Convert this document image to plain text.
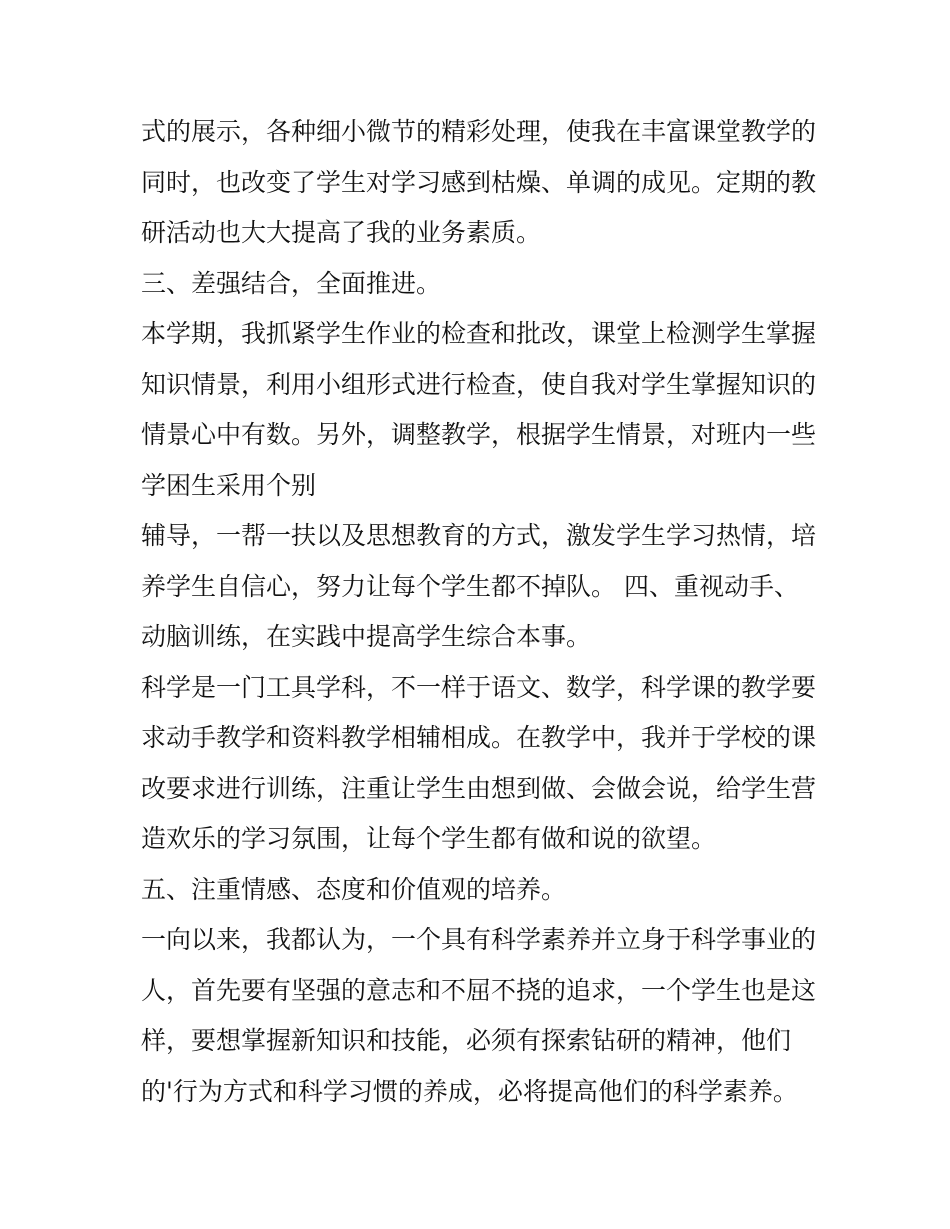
式的展示，各种细小微节的精彩处理，使我在丰富课堂教学的
同时，也改变了学生对学习感到枯燥、单调的成见。定期的教
研活动也大大提高了我的业务素质。
三、差强结合，全面推进。
本学期，我抓紧学生作业的检查和批改，课堂上检测学生掌握
知识情景，利用小组形式进行检查，使自我对学生掌握知识的
情景心中有数。另外，调整教学，根据学生情景，对班内一些
学困生采用个别
辅导，一帮一扶以及思想教育的方式，激发学生学习热情，培
养学生自信心，努力让每个学生都不掉队。 四、重视动手、
动脑训练，在实践中提高学生综合本事。
科学是一门工具学科，不一样于语文、数学，科学课的教学要
求动手教学和资料教学相辅相成。在教学中，我并于学校的课
改要求进行训练，注重让学生由想到做、会做会说，给学生营
造欢乐的学习氛围，让每个学生都有做和说的欲望。
五、注重情感、态度和价值观的培养。
一向以来，我都认为，一个具有科学素养并立身于科学事业的
人，首先要有坚强的意志和不屈不挠的追求，一个学生也是这
样，要想掌握新知识和技能，必须有探索钻研的精神，他们
的'行为方式和科学习惯的养成，必将提高他们的科学素养。
